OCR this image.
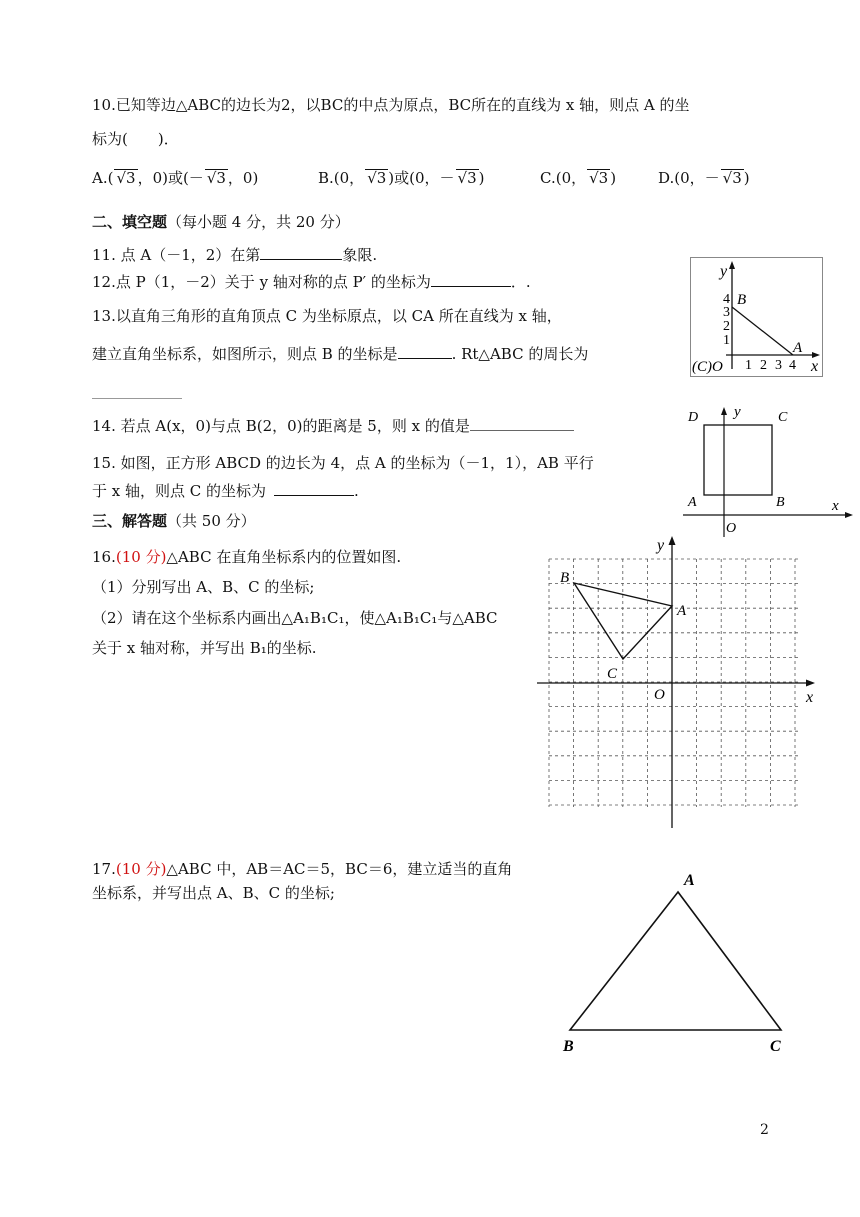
10.已知等边△ABC的边长为2，以BC的中点为原点，BC所在的直线为 x 轴，则点 A 的坐
标为(　　)．
A.( √3 ，0)或(－ √3 ，0)	B.(0， √3 )或(0，－ √3 )	C.(0， √3 )	D.(0，－ √3 )
二、填空题（每小题 4 分，共 20 分）
11. 点 A（－1，2）在第	象限.
12.点 P（1，－2）关于 y 轴对称的点 P′ 的坐标为	．.
13.以直角三角形的直角顶点 C 为坐标原点，以 CA 所在直线为 x 轴，
建立直角坐标系，如图所示，则点 B 的坐标是	. Rt△ABC 的周长为
y
x
4
3
2
1
1 2 3 4
B
A
(C)O
14. 若点 A(x，0)与点 B(2，0)的距离是 5，则 x 的值是
15. 如图，正方形 ABCD 的边长为 4，点 A 的坐标为（－1，1），AB 平行
于 x 轴，则点 C 的坐标为	.
y
x
D	C
A	B
O
三、解答题（共 50 分）
16.(10 分)△ABC 在直角坐标系内的位置如图.
（1）分别写出 A、B、C 的坐标;
（2）请在这个坐标系内画出△A₁B₁C₁，使△A₁B₁C₁与△ABC
关于 x 轴对称，并写出 B₁的坐标.
y
x
B
A
C
O
17.(10 分)△ABC 中，AB＝AC＝5，BC＝6，建立适当的直角
坐标系，并写出点 A、B、C 的坐标;
A
B	C
2
